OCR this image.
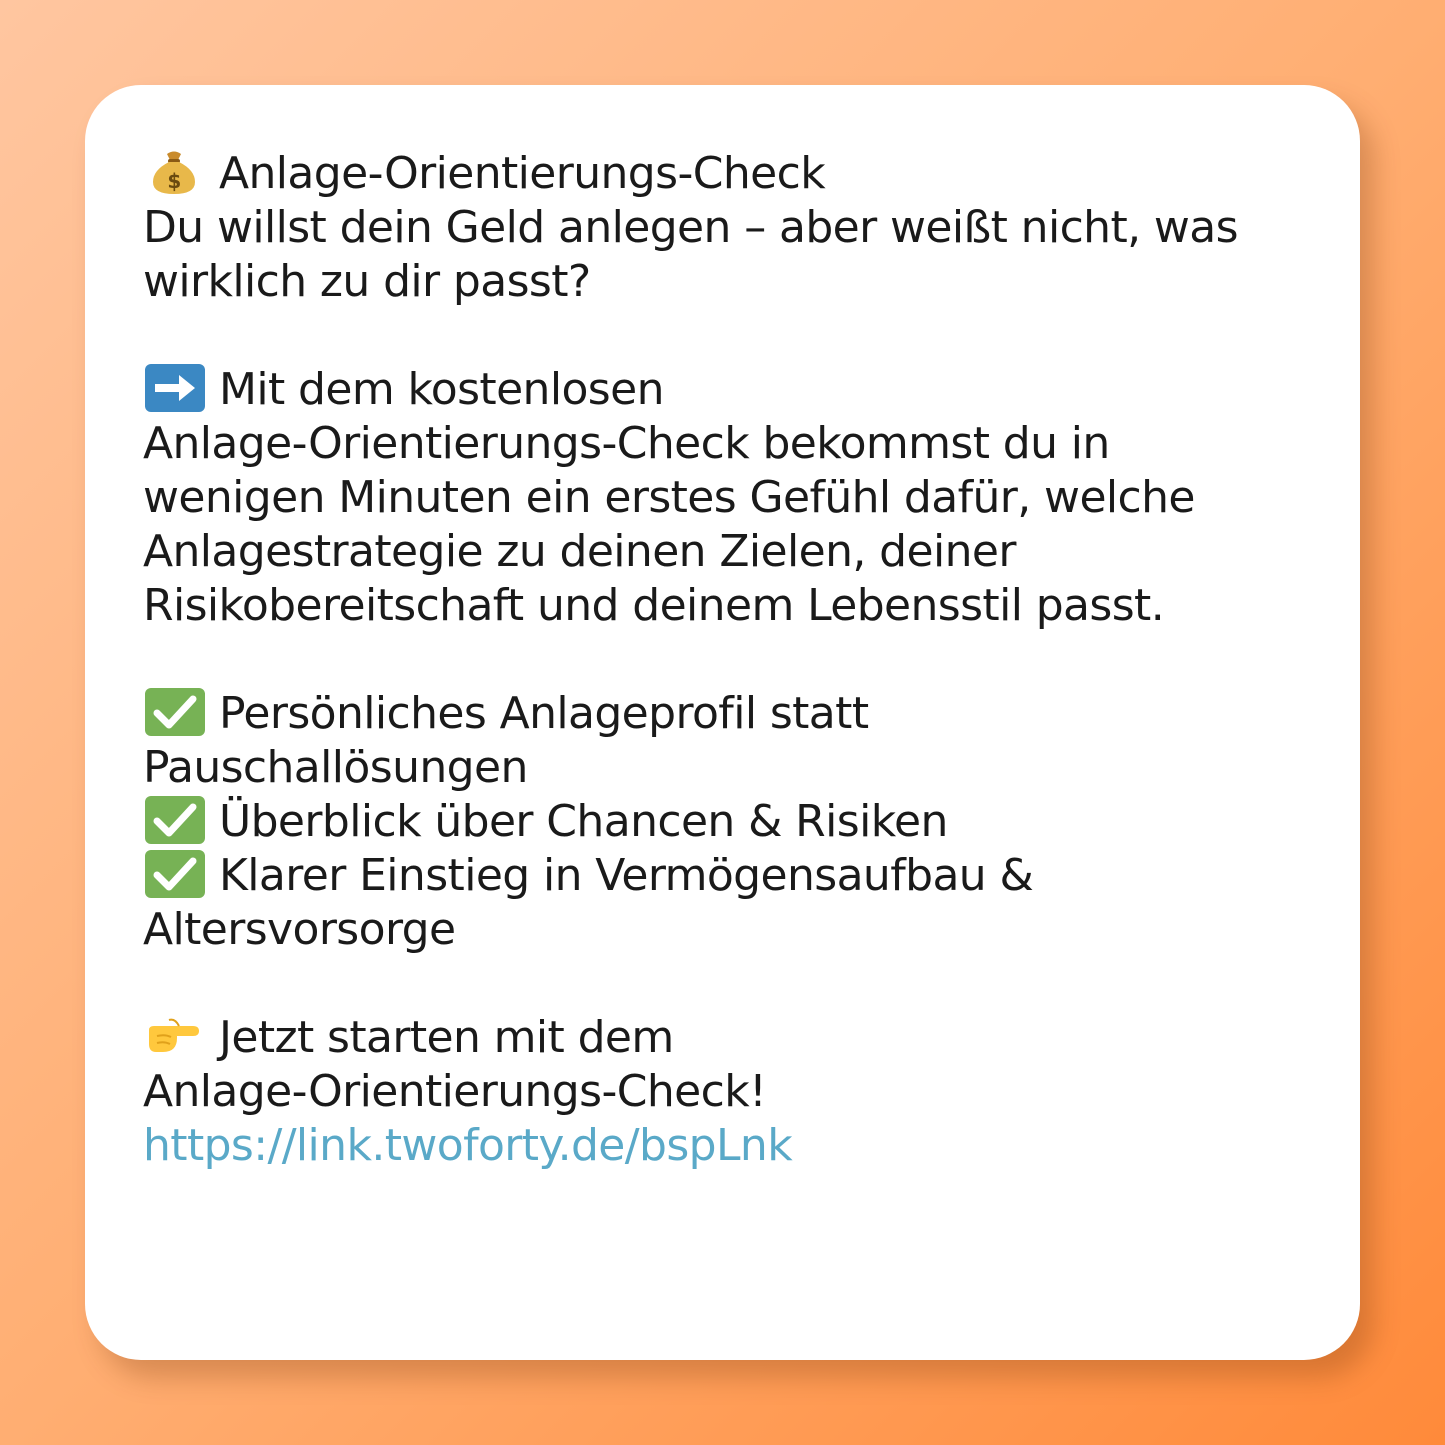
$ Anlage-Orientierungs-Check
Du willst dein Geld anlegen – aber weißt nicht, was
wirklich zu dir passt?
Mit dem kostenlosen
Anlage-Orientierungs-Check bekommst du in
wenigen Minuten ein erstes Gefühl dafür, welche
Anlagestrategie zu deinen Zielen, deiner
Risikobereitschaft und deinem Lebensstil passt.
Persönliches Anlageprofil statt
Pauschallösungen
Überblick über Chancen & Risiken
Klarer Einstieg in Vermögensaufbau &
Altersvorsorge
Jetzt starten mit dem
Anlage-Orientierungs-Check!
https://link.twoforty.de/bspLnk
